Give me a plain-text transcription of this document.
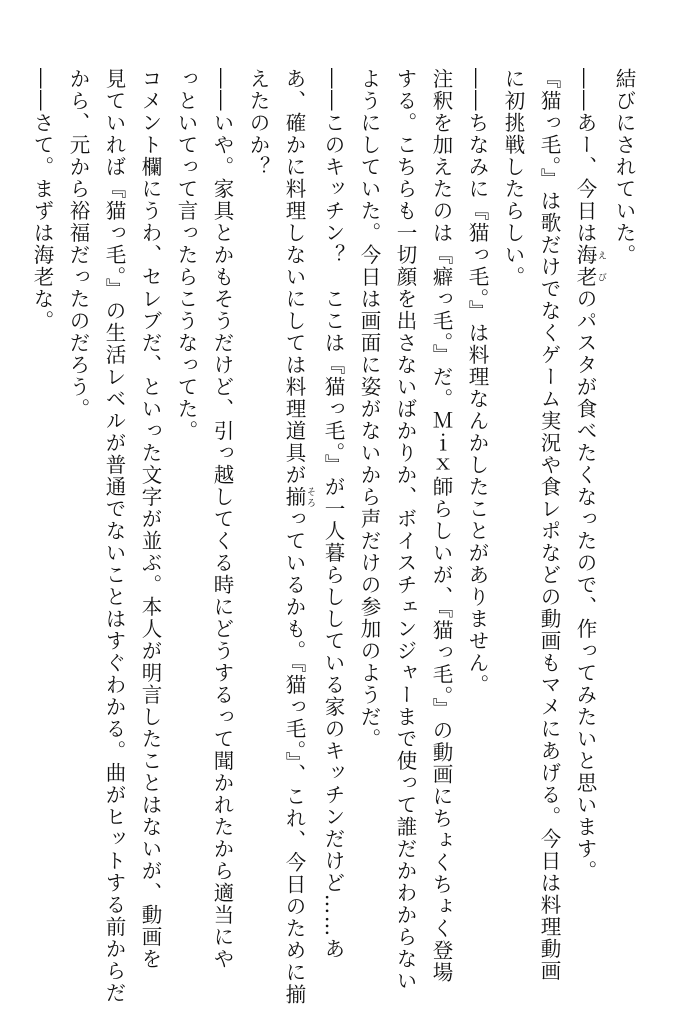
結びにされていた。
――あー、今日は海老 えびのパスタが食べたくなったので、作ってみたいと思います。
『猫っ毛。』は歌だけでなくゲーム実況や食レポなどの動画もマメにあげる。今日は料理動画
に初挑戦したらしい。
――ちなみに『猫っ毛。』は料理なんかしたことがありません。
注釈を加えたのは『癖っ毛。』だ。Ｍｉｘ師らしいが、『猫っ毛。』の動画にちょくちょく登場
する。こちらも一切顔を出さないばかりか、ボイスチェンジャーまで使って誰だかわからない
ようにしていた。今日は画面に姿がないから声だけの参加のようだ。
――このキッチン？　ここは『猫っ毛。』が一人暮らししている家のキッチンだけど……あ
あ、確かに料理しないにしては料理道具が揃 そろっているかも。『猫っ毛。』、これ、今日のために揃
えたのか？
――いや。家具とかもそうだけど、引っ越してくる時にどうするって聞かれたから適当にや
っといてって言ったらこうなってた。
コメント欄にうわ、セレブだ、といった文字が並ぶ。本人が明言したことはないが、動画を
見ていれば『猫っ毛。』の生活レベルが普通でないことはすぐわかる。曲がヒットする前からだ
から、元から裕福だったのだろう。
――さて。まずは海老な。
